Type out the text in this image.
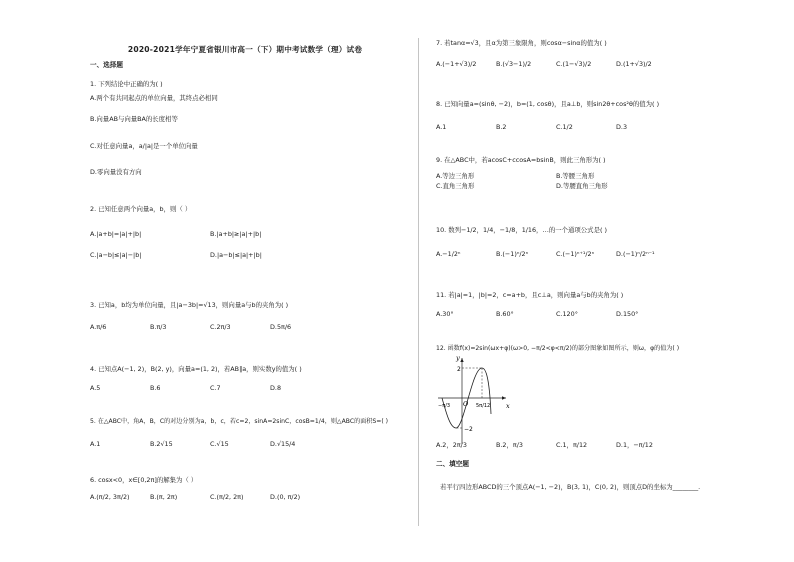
2020-2021学年宁夏省银川市高一（下）期中考试数学（理）试卷
一、选择题
1. 下列结论中正确的为( )
A.两个有共同起点的单位向量，其终点必相同
B.向量AB与向量BA的长度相等
C.对任意向量a，a/|a|是一个单位向量
D.零向量没有方向
2. 已知任意两个向量a，b，则（ ）
A.|a+b|=|a|+|b|	B.|a+b|≥|a|+|b|
C.|a−b|≤|a|−|b|	D.|a−b|≤|a|+|b|
3. 已知a，b均为单位向量，且|a−3b|=√13，则向量a与b的夹角为( )
A.π/6	B.π/3	C.2π/3	D.5π/6
4. 已知点A(−1, 2)，B(2, y)，向量a=(1, 2)，若AB∥a，则实数y的值为( )
A.5	B.6	C.7	D.8
5. 在△ABC中，角A，B，C的对边分别为a，b，c，若c=2，sinA=2sinC，cosB=1/4，则△ABC的面积S=( )
A.1	B.2√15	C.√15	D.√15/4
6. cosx<0，x∈[0,2π]的解集为（ ）
A.(π/2, 3π/2)	B.(π, 2π)	C.(π/2, 2π)	D.(0, π/2)
7. 若tanα=√3，且α为第三象限角，则cosα−sinα的值为( )
A.(−1+√3)/2	B.(√3−1)/2	C.(1−√3)/2	D.(1+√3)/2
8. 已知向量a=(sinθ, −2)，b=(1, cosθ)，且a⊥b，则sin2θ+cos²θ的值为( )
A.1	B.2	C.1/2	D.3
9. 在△ABC中，若acosC+ccosA=bsinB，则此三角形为( )
A.等边三角形	B.等腰三角形
C.直角三角形	D.等腰直角三角形
10. 数列−1/2，1/4，−1/8，1/16，…的一个通项公式是( )
A.−1/2ⁿ	B.(−1)ⁿ/2ⁿ	C.(−1)ⁿ⁺¹/2ⁿ	D.(−1)ⁿ/2ⁿ⁻¹
11. 若|a|=1，|b|=2，c=a+b，且c⊥a，则向量a与b的夹角为( )
A.30°	B.60°	C.120°	D.150°
12. 函数f(x)=2sin(ωx+φ)(ω>0, −π/2<φ<π/2)的部分图象如图所示，则ω，φ的值为( )
A.2，2π/3	B.2，π/3	C.1，π/12	D.1，−π/12
二、填空题
若平行四边形ABCD的三个顶点A(−1, −2)，B(3, 1)，C(0, 2)，则顶点D的坐标为________.
y
x
O
2
−2
−π/3	5π/12
